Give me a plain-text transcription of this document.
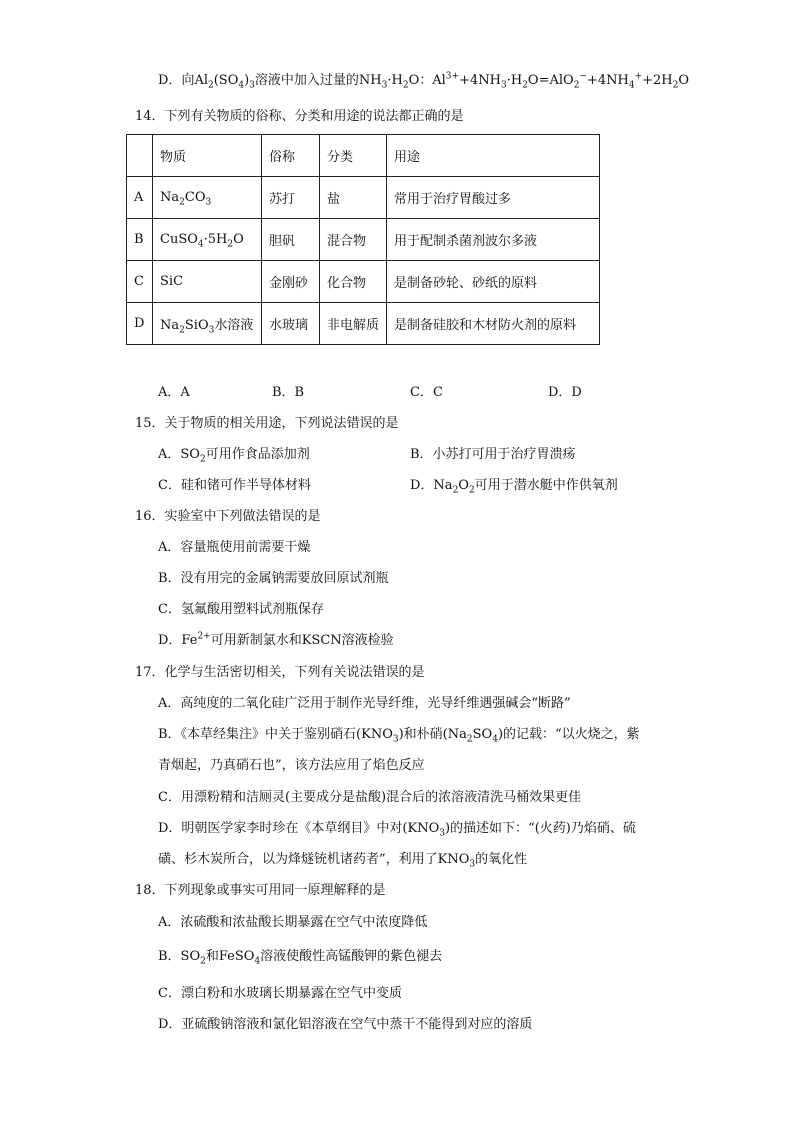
D．向$Al_2(SO_4)_3$溶液中加入过量的$NH_3\cdot H_2O$：$Al^{3+}+4NH_3\cdot H_2O=AlO_2^-+4NH_4^++2H_2O$
14．下列有关物质的俗称、分类和用途的说法都正确的是
	物质	俗称	分类	用途
A	$Na_2CO_3$	苏打	盐	常用于治疗胃酸过多
B	$CuSO_4\cdot 5H_2O$	胆矾	混合物	用于配制杀菌剂波尔多液
C	SiC	金刚砂	化合物	是制备砂轮、砂纸的原料
D	$Na_2SiO_3$水溶液	水玻璃	非电解质	是制备硅胶和木材防火剂的原料
A．A	B．B	C．C	D．D
15．关于物质的相关用途，下列说法错误的是
A．$SO_2$可用作食品添加剂	B．小苏打可用于治疗胃溃疡
C．硅和锗可作半导体材料	D．$Na_2O_2$可用于潜水艇中作供氧剂
16．实验室中下列做法错误的是
A．容量瓶使用前需要干燥
B．没有用完的金属钠需要放回原试剂瓶
C．氢氟酸用塑料试剂瓶保存
D．$Fe^{2+}$可用新制氯水和KSCN溶液检验
17．化学与生活密切相关，下列有关说法错误的是
A．高纯度的二氧化硅广泛用于制作光导纤维，光导纤维遇强碱会“断路”
B．《本草经集注》中关于鉴别硝石$(KNO_3)$和朴硝$(Na_2SO_4)$的记载：“以火烧之，紫
青烟起，乃真硝石也”，该方法应用了焰色反应
C．用漂粉精和洁厕灵(主要成分是盐酸)混合后的浓溶液清洗马桶效果更佳
D．明朝医学家李时珍在《本草纲目》中对$(KNO_3)$的描述如下：“(火药)乃焰硝、硫
磺、杉木炭所合，以为烽燧铳机诸药者”，利用了$KNO_3$的氧化性
18．下列现象或事实可用同一原理解释的是
A．浓硫酸和浓盐酸长期暴露在空气中浓度降低
B．$SO_2$和FeSO$_4$溶液使酸性高锰酸钾的紫色褪去
C．漂白粉和水玻璃长期暴露在空气中变质
D．亚硫酸钠溶液和氯化铝溶液在空气中蒸干不能得到对应的溶质
